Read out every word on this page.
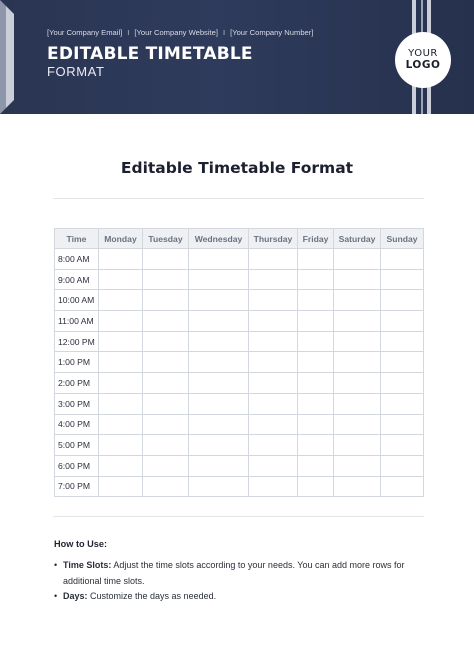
[Your Company Email] I [Your Company Website] I [Your Company Number]
EDITABLE TIMETABLE
FORMAT
YOUR
LOGO
Editable Timetable Format
Time	Monday	Tuesday	Wednesday	Thursday	Friday	Saturday	Sunday
8:00 AM							
9:00 AM							
10:00 AM							
11:00 AM							
12:00 PM							
1:00 PM							
2:00 PM							
3:00 PM							
4:00 PM							
5:00 PM							
6:00 PM							
7:00 PM							
How to Use:
• Time Slots: Adjust the time slots according to your needs. You can add more rows for additional time slots.
• Days: Customize the days as needed.
